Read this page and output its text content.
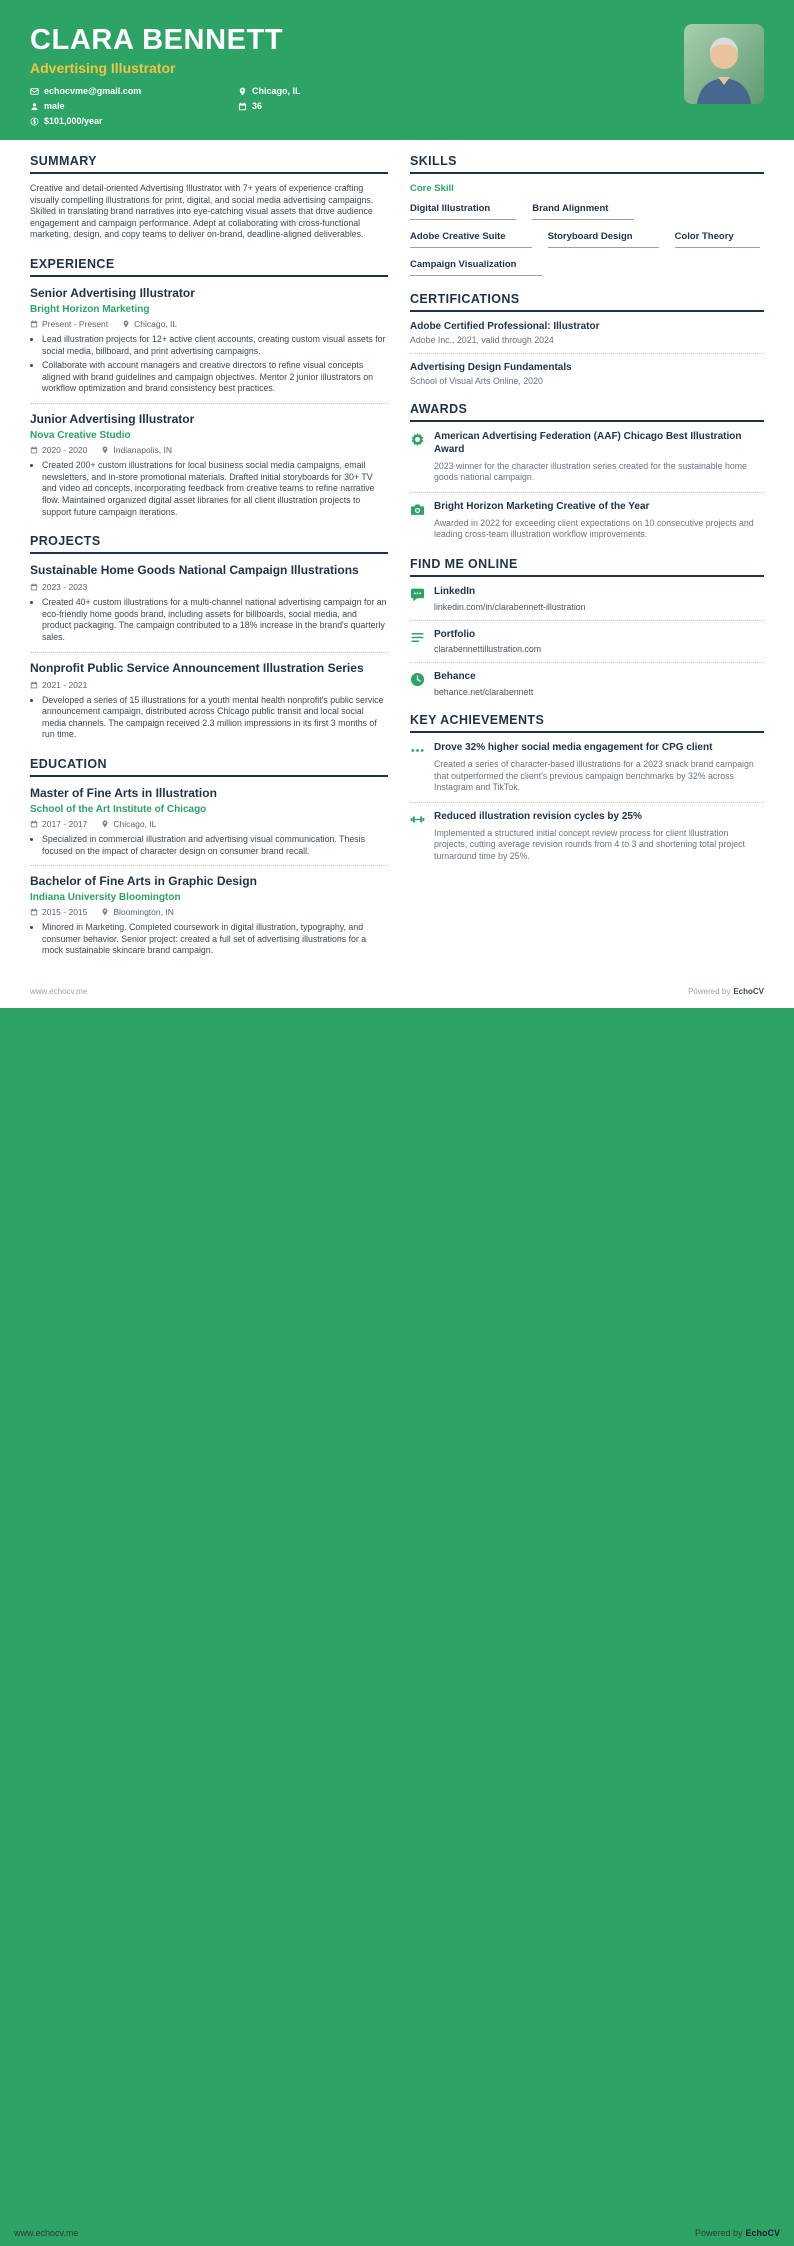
CLARA BENNETT
Advertising Illustrator
echocvme@gmail.com
male
$101,000/year
Chicago, IL
36
SUMMARY

Creative and detail-oriented Advertising Illustrator with 7+ years of experience crafting visually compelling illustrations for print, digital, and social media advertising campaigns. Skilled in translating brand narratives into eye-catching visual assets that drive audience engagement and campaign performance. Adept at collaborating with cross-functional marketing, design, and copy teams to deliver on-brand, deadline-aligned deliverables.

EXPERIENCE
Senior Advertising Illustrator
Bright Horizon Marketing
Present - Present	Chicago, IL
• Lead illustration projects for 12+ active client accounts, creating custom visual assets for social media, billboard, and print advertising campaigns.
• Collaborate with account managers and creative directors to refine visual concepts aligned with brand guidelines and campaign objectives. Mentor 2 junior illustrators on workflow optimization and brand consistency best practices.
Junior Advertising Illustrator
Nova Creative Studio
2020 - 2020	Indianapolis, IN
• Created 200+ custom illustrations for local business social media campaigns, email newsletters, and in-store promotional materials. Drafted initial storyboards for 30+ TV and video ad concepts, incorporating feedback from creative teams to refine narrative flow. Maintained organized digital asset libraries for all client illustration projects to support future campaign iterations.
PROJECTS
Sustainable Home Goods National Campaign Illustrations
2023 - 2023
• Created 40+ custom illustrations for a multi-channel national advertising campaign for an eco-friendly home goods brand, including assets for billboards, social media, and product packaging. The campaign contributed to a 18% increase in the brand's quarterly sales.
Nonprofit Public Service Announcement Illustration Series
2021 - 2021
• Developed a series of 15 illustrations for a youth mental health nonprofit's public service announcement campaign, distributed across Chicago public transit and local social media channels. The campaign received 2.3 million impressions in its first 3 months of run time.
EDUCATION
Master of Fine Arts in Illustration
School of the Art Institute of Chicago
2017 - 2017	Chicago, IL
• Specialized in commercial illustration and advertising visual communication. Thesis focused on the impact of character design on consumer brand recall.
Bachelor of Fine Arts in Graphic Design
Indiana University Bloomington
2015 - 2015	Bloomington, IN
• Minored in Marketing. Completed coursework in digital illustration, typography, and consumer behavior. Senior project: created a full set of advertising illustrations for a mock sustainable skincare brand campaign.
SKILLS
Core Skill
Digital Illustration	Brand Alignment
Adobe Creative Suite	Storyboard Design	Color Theory
Campaign Visualization
CERTIFICATIONS
Adobe Certified Professional: Illustrator
Adobe Inc., 2021, valid through 2024
Advertising Design Fundamentals
School of Visual Arts Online, 2020
AWARDS
American Advertising Federation (AAF) Chicago Best Illustration Award
2023 winner for the character illustration series created for the sustainable home goods national campaign.
Bright Horizon Marketing Creative of the Year
Awarded in 2022 for exceeding client expectations on 10 consecutive projects and leading cross-team illustration workflow improvements.
FIND ME ONLINE
LinkedIn
linkedin.com/in/clarabennett-illustration
Portfolio
clarabennettillustration.com
Behance
behance.net/clarabennett
KEY ACHIEVEMENTS
Drove 32% higher social media engagement for CPG client
Created a series of character-based illustrations for a 2023 snack brand campaign that outperformed the client's previous campaign benchmarks by 32% across Instagram and TikTok.
Reduced illustration revision cycles by 25%
Implemented a structured initial concept review process for client illustration projects, cutting average revision rounds from 4 to 3 and shortening total project turnaround time by 25%.
www.echocv.me	Powered by EchoCV
www.echocv.me	Powered by EchoCV
